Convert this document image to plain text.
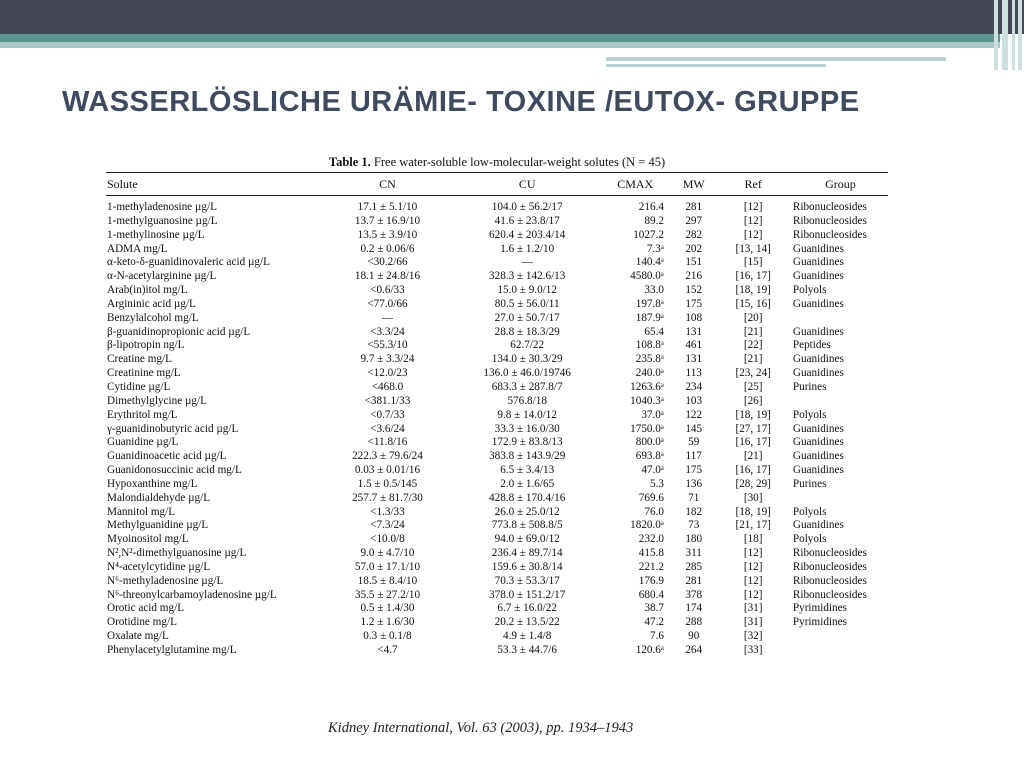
WASSERLÖSLICHE URÄMIE- TOXINE /EUTOX- GRUPPE
Table 1. Free water-soluble low-molecular-weight solutes (N = 45)
Solute	CN	CU	CMAX	MW	Ref	Group
1-methyladenosine µg/L	17.1 ± 5.1/10	104.0 ± 56.2/17	216.4	281	[12]	Ribonucleosides
1-methylguanosine µg/L	13.7 ± 16.9/10	41.6 ± 23.8/17	89.2	297	[12]	Ribonucleosides
1-methylinosine µg/L	13.5 ± 3.9/10	620.4 ± 203.4/14	1027.2	282	[12]	Ribonucleosides
ADMA mg/L	0.2 ± 0.06/6	1.6 ± 1.2/10	7.3ᵃ	202	[13, 14]	Guanidines
α-keto-δ-guanidinovaleric acid µg/L	<30.2/66	—	140.4ᵃ	151	[15]	Guanidines
α-N-acetylarginine µg/L	18.1 ± 24.8/16	328.3 ± 142.6/13	4580.0ᵃ	216	[16, 17]	Guanidines
Arab(in)itol mg/L	<0.6/33	15.0 ± 9.0/12	33.0	152	[18, 19]	Polyols
Argininic acid µg/L	<77.0/66	80.5 ± 56.0/11	197.8ᵃ	175	[15, 16]	Guanidines
Benzylalcohol mg/L	—	27.0 ± 50.7/17	187.9ᵃ	108	[20]
β-guanidinopropionic acid µg/L	<3.3/24	28.8 ± 18.3/29	65.4	131	[21]	Guanidines
β-lipotropin ng/L	<55.3/10	62.7/22	108.8ᵃ	461	[22]	Peptides
Creatine mg/L	9.7 ± 3.3/24	134.0 ± 30.3/29	235.8ᵃ	131	[21]	Guanidines
Creatinine mg/L	<12.0/23	136.0 ± 46.0/19746	240.0ᵃ	113	[23, 24]	Guanidines
Cytidine µg/L	<468.0	683.3 ± 287.8/7	1263.6ᵃ	234	[25]	Purines
Dimethylglycine µg/L	<381.1/33	576.8/18	1040.3ᵃ	103	[26]
Erythritol mg/L	<0.7/33	9.8 ± 14.0/12	37.0ᵃ	122	[18, 19]	Polyols
γ-guanidinobutyric acid µg/L	<3.6/24	33.3 ± 16.0/30	1750.0ᵃ	145	[27, 17]	Guanidines
Guanidine µg/L	<11.8/16	172.9 ± 83.8/13	800.0ᵃ	59	[16, 17]	Guanidines
Guanidinoacetic acid µg/L	222.3 ± 79.6/24	383.8 ± 143.9/29	693.8ᵃ	117	[21]	Guanidines
Guanidonosuccinic acid mg/L	0.03 ± 0.01/16	6.5 ± 3.4/13	47.0ᵃ	175	[16, 17]	Guanidines
Hypoxanthine mg/L	1.5 ± 0.5/145	2.0 ± 1.6/65	5.3	136	[28, 29]	Purines
Malondialdehyde µg/L	257.7 ± 81.7/30	428.8 ± 170.4/16	769.6	71	[30]
Mannitol mg/L	<1.3/33	26.0 ± 25.0/12	76.0	182	[18, 19]	Polyols
Methylguanidine µg/L	<7.3/24	773.8 ± 508.8/5	1820.0ᵃ	73	[21, 17]	Guanidines
Myoinositol mg/L	<10.0/8	94.0 ± 69.0/12	232.0	180	[18]	Polyols
N²,N²-dimethylguanosine µg/L	9.0 ± 4.7/10	236.4 ± 89.7/14	415.8	311	[12]	Ribonucleosides
N⁴-acetylcytidine µg/L	57.0 ± 17.1/10	159.6 ± 30.8/14	221.2	285	[12]	Ribonucleosides
N⁶-methyladenosine µg/L	18.5 ± 8.4/10	70.3 ± 53.3/17	176.9	281	[12]	Ribonucleosides
N⁶-threonylcarbamoyladenosine µg/L	35.5 ± 27.2/10	378.0 ± 151.2/17	680.4	378	[12]	Ribonucleosides
Orotic acid mg/L	0.5 ± 1.4/30	6.7 ± 16.0/22	38.7	174	[31]	Pyrimidines
Orotidine mg/L	1.2 ± 1.6/30	20.2 ± 13.5/22	47.2	288	[31]	Pyrimidines
Oxalate mg/L	0.3 ± 0.1/8	4.9 ± 1.4/8	7.6	90	[32]
Phenylacetylglutamine mg/L	<4.7	53.3 ± 44.7/6	120.6ᵃ	264	[33]
Kidney International, Vol. 63 (2003), pp. 1934–1943
